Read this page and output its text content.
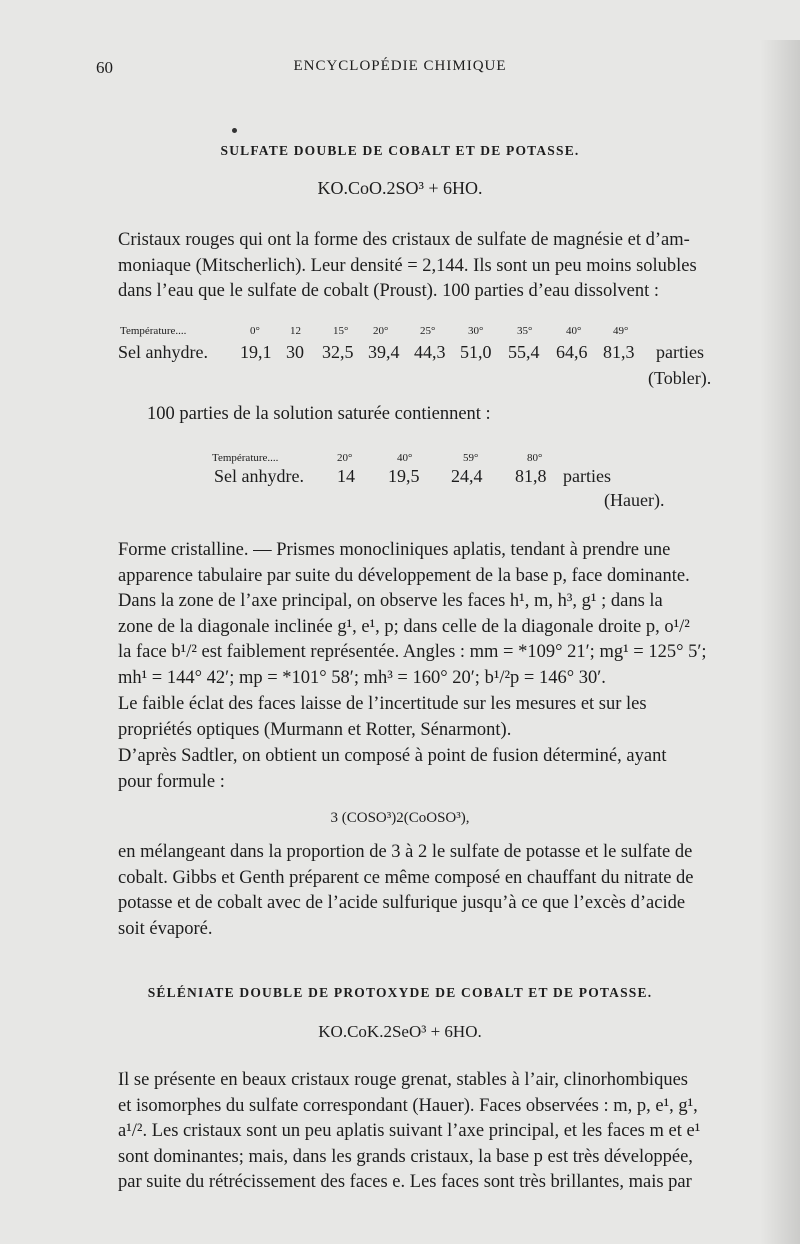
60	ENCYCLOPÉDIE CHIMIQUE
SULFATE DOUBLE DE COBALT ET DE POTASSE.
KO.CoO.2SO³ + 6HO.
Cristaux rouges qui ont la forme des cristaux de sulfate de magnésie et d’am-
moniaque (Mitscherlich). Leur densité = 2,144. Ils sont un peu moins solubles
dans l’eau que le sulfate de cobalt (Proust). 100 parties d’eau dissolvent :
Température....	0°	12	15° 20°	25°	30°	35°	40°	49°
Sel anhydre. 19,1 30 32,5 39,4 44,3 51,0 55,4 64,6 81,3 parties
(Tobler).
100 parties de la solution saturée contiennent :
Température....	20°	40°	59°	80°
Sel anhydre. 14 19,5 24,4 81,8 parties
(Hauer).
Forme cristalline. — Prismes monocliniques aplatis, tendant à prendre une
apparence tabulaire par suite du développement de la base p, face dominante.
Dans la zone de l’axe principal, on observe les faces h¹, m, h³, g¹ ; dans la
zone de la diagonale inclinée g¹, e¹, p; dans celle de la diagonale droite p, o¹/²
la face b¹/² est faiblement représentée. Angles : mm = *109° 21′; mg¹ = 125° 5′;
mh¹ = 144° 42′; mp = *101° 58′; mh³ = 160° 20′; b¹/²p = 146° 30′.
Le faible éclat des faces laisse de l’incertitude sur les mesures et sur les
propriétés optiques (Murmann et Rotter, Sénarmont).
D’après Sadtler, on obtient un composé à point de fusion déterminé, ayant
pour formule :
3 (COSO³)2(CoOSO³),
en mélangeant dans la proportion de 3 à 2 le sulfate de potasse et le sulfate de
cobalt. Gibbs et Genth préparent ce même composé en chauffant du nitrate de
potasse et de cobalt avec de l’acide sulfurique jusqu’à ce que l’excès d’acide
soit évaporé.
SÉLÉNIATE DOUBLE DE PROTOXYDE DE COBALT ET DE POTASSE.
KO.CoK.2SeO³ + 6HO.
Il se présente en beaux cristaux rouge grenat, stables à l’air, clinorhombiques
et isomorphes du sulfate correspondant (Hauer). Faces observées : m, p, e¹, g¹,
a¹/². Les cristaux sont un peu aplatis suivant l’axe principal, et les faces m et e¹
sont dominantes; mais, dans les grands cristaux, la base p est très développée,
par suite du rétrécissement des faces e. Les faces sont très brillantes, mais par
